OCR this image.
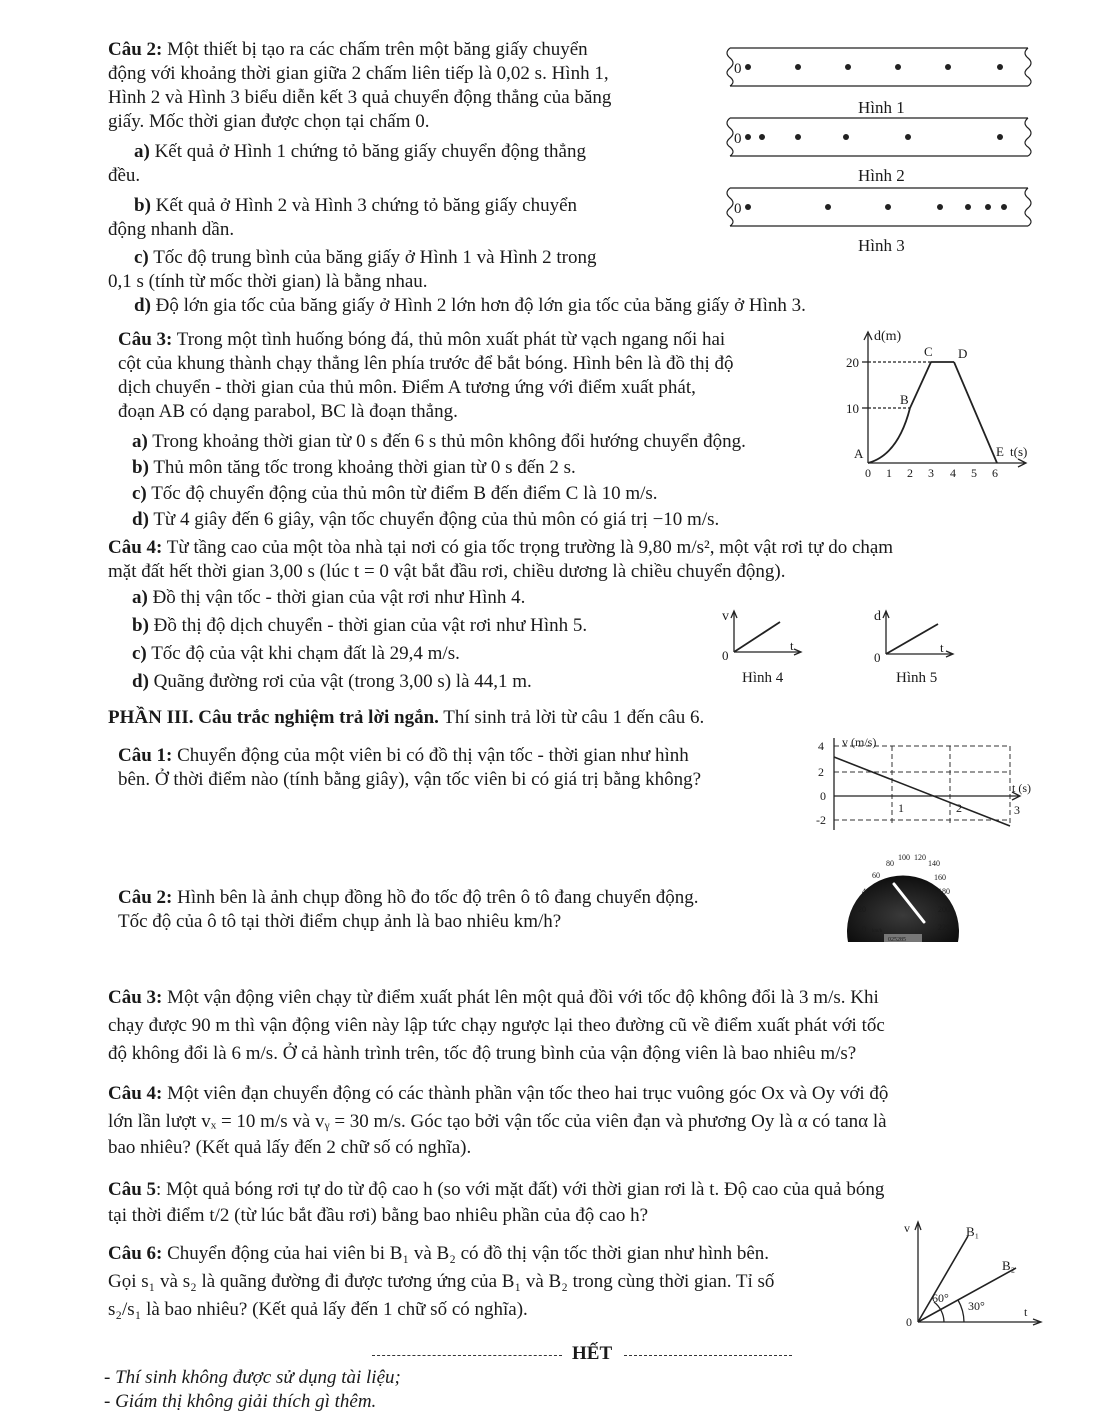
Câu 2: Một thiết bị tạo ra các chấm trên một băng giấy chuyển
động với khoảng thời gian giữa 2 chấm liên tiếp là 0,02 s. Hình 1,
Hình 2 và Hình 3 biểu diễn kết 3 quả chuyển động thẳng của băng
giấy. Mốc thời gian được chọn tại chấm 0.
a) Kết quả ở Hình 1 chứng tỏ băng giấy chuyển động thẳng
đều.
b) Kết quả ở Hình 2 và Hình 3 chứng tỏ băng giấy chuyển
động nhanh dần.
c) Tốc độ trung bình của băng giấy ở Hình 1 và Hình 2 trong
0,1 s (tính từ mốc thời gian) là bằng nhau.
d) Độ lớn gia tốc của băng giấy ở Hình 2 lớn hơn độ lớn gia tốc của băng giấy ở Hình 3.
0
0
0
Hình 1
Hình 2
Hình 3
Câu 3: Trong một tình huống bóng đá, thủ môn xuất phát từ vạch ngang nối hai
cột của khung thành chạy thẳng lên phía trước để bắt bóng. Hình bên là đồ thị độ
dịch chuyển - thời gian của thủ môn. Điểm A tương ứng với điểm xuất phát,
đoạn AB có dạng parabol, BC là đoạn thẳng.
a) Trong khoảng thời gian từ 0 s đến 6 s thủ môn không đổi hướng chuyển động.
b) Thủ môn tăng tốc trong khoảng thời gian từ 0 s đến 2 s.
c) Tốc độ chuyển động của thủ môn từ điểm B đến điểm C là 10 m/s.
d) Từ 4 giây đến 6 giây, vận tốc chuyển động của thủ môn có giá trị −10 m/s.
d(m)
20
10
A
B
C D
E t(s)
0 1 2 3 4 5 6
Câu 4: Từ tầng cao của một tòa nhà tại nơi có gia tốc trọng trường là 9,80 m/s², một vật rơi tự do chạm
mặt đất hết thời gian 3,00 s (lúc t = 0 vật bắt đầu rơi, chiều dương là chiều chuyển động).
a) Đồ thị vận tốc - thời gian của vật rơi như Hình 4.
b) Đồ thị độ dịch chuyển - thời gian của vật rơi như Hình 5.
c) Tốc độ của vật khi chạm đất là 29,4 m/s.
d) Quãng đường rơi của vật (trong 3,00 s) là 44,1 m.
v
0
t
Hình 4
d
0
t
Hình 5
PHẦN III. Câu trắc nghiệm trả lời ngắn. Thí sinh trả lời từ câu 1 đến câu 6.
Câu 1: Chuyển động của một viên bi có đồ thị vận tốc - thời gian như hình
bên. Ở thời điểm nào (tính bằng giây), vận tốc viên bi có giá trị bằng không?
4 v (m/s)
2
0
-2
t (s)
1	2	3
Câu 2: Hình bên là ảnh chụp đồng hồ đo tốc độ trên ô tô đang chuyển động.
Tốc độ của ô tô tại thời điểm chụp ảnh là bao nhiêu km/h?	0
20
40
60
80
100 120
140
160
180
200
220
km/h
025285
Câu 3: Một vận động viên chạy từ điểm xuất phát lên một quả đồi với tốc độ không đổi là 3 m/s. Khi
chạy được 90 m thì vận động viên này lập tức chạy ngược lại theo đường cũ về điểm xuất phát với tốc
độ không đổi là 6 m/s. Ở cả hành trình trên, tốc độ trung bình của vận động viên là bao nhiêu m/s?
Câu 4: Một viên đạn chuyển động có các thành phần vận tốc theo hai trục vuông góc Ox và Oy với độ
lớn lần lượt vₓ = 10 m/s và vᵧ = 30 m/s. Góc tạo bởi vận tốc của viên đạn và phương Oy là α có tanα là
bao nhiêu? (Kết quả lấy đến 2 chữ số có nghĩa).
Câu 5: Một quả bóng rơi tự do từ độ cao h (so với mặt đất) với thời gian rơi là t. Độ cao của quả bóng
tại thời điểm t/2 (từ lúc bắt đầu rơi) bằng bao nhiêu phần của độ cao h?
Câu 6: Chuyển động của hai viên bi B₁ và B₂ có đồ thị vận tốc thời gian như hình bên.
Gọi s₁ và s₂ là quãng đường đi được tương ứng của B₁ và B₂ trong cùng thời gian. Tỉ số
s₂/s₁ là bao nhiêu? (Kết quả lấy đến 1 chữ số có nghĩa).
v
0
t
B₁
B₂
60°
30°
HẾT
- Thí sinh không được sử dụng tài liệu;
- Giám thị không giải thích gì thêm.
